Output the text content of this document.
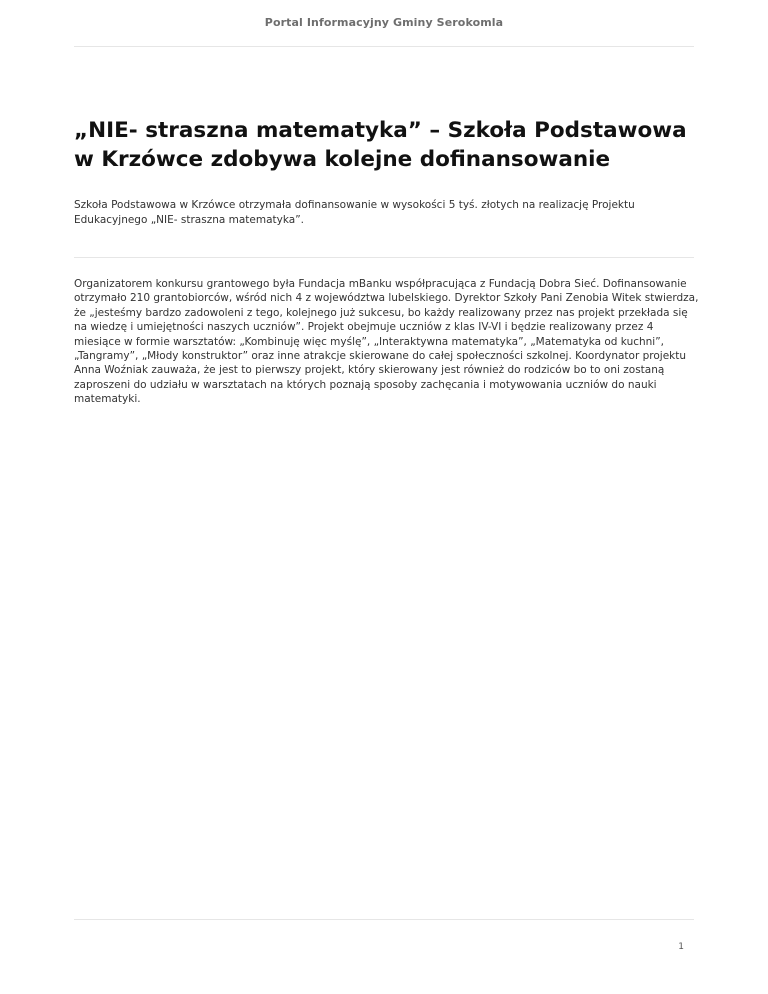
Portal Informacyjny Gminy Serokomla
„NIE- straszna matematyka” – Szkoła Podstawowa w Krzówce zdobywa kolejne dofinansowanie

Szkoła Podstawowa w Krzówce otrzymała dofinansowanie w wysokości 5 tyś. złotych na realizację Projektu Edukacyjnego „NIE- straszna matematyka”.

Organizatorem konkursu grantowego była Fundacja mBanku współpracująca z Fundacją Dobra Sieć. Dofinansowanie
otrzymało 210 grantobiorców, wśród nich 4 z województwa lubelskiego. Dyrektor Szkoły Pani Zenobia Witek stwierdza,
że „jesteśmy bardzo zadowoleni z tego, kolejnego już sukcesu, bo każdy realizowany przez nas projekt przekłada się
na wiedzę i umiejętności naszych uczniów”. Projekt obejmuje uczniów z klas IV-VI i będzie realizowany przez 4
miesiące w formie warsztatów: „Kombinuję więc myślę”, „Interaktywna matematyka”, „Matematyka od kuchni”,
„Tangramy”, „Młody konstruktor” oraz inne atrakcje skierowane do całej społeczności szkolnej. Koordynator projektu
Anna Woźniak zauważa, że jest to pierwszy projekt, który skierowany jest również do rodziców bo to oni zostaną
zaproszeni do udziału w warsztatach na których poznają sposoby zachęcania i motywowania uczniów do nauki
matematyki.

1
